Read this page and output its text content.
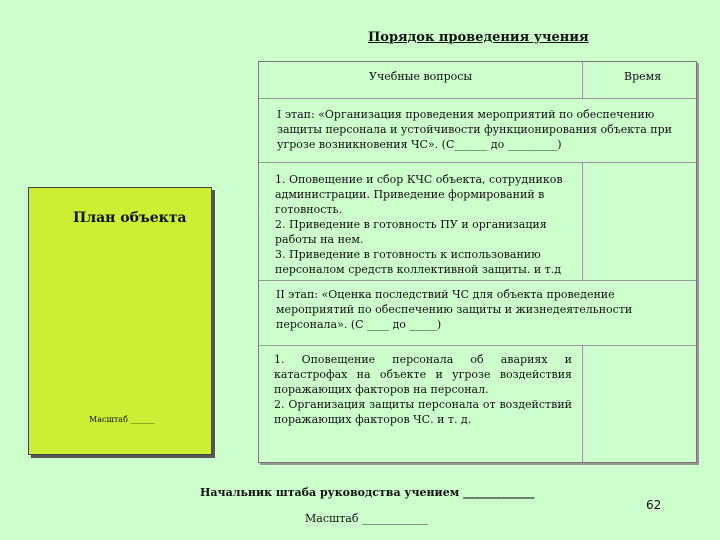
Порядок проведения учения
Учебные вопросы	Время
I этап: «Организация проведения мероприятий по обеспечению защиты персонала и устойчивости функционирования объекта при угрозе возникновения ЧС». (С______ до _________)
1. Оповещение и сбор КЧС объекта, сотрудников администрации. Приведение формирований в готовность.
2. Приведение в готовность ПУ и организация работы на нем.
3. Приведение в готовность к использованию персоналом средств коллективной защиты. и т.д
II этап: «Оценка последствий ЧС для объекта проведение мероприятий по обеспечению защиты и жизнедеятельности персонала». (С ____ до _____)
1. Оповещение персонала об авариях и катастрофах на объекте и угрозе воздействия поражающих факторов на персонал.
2. Организация защиты персонала от воздействий поражающих факторов ЧС. и т. д.
План объекта
Масштаб ______
Начальник штаба руководства учением _____________
Масштаб ____________
62
